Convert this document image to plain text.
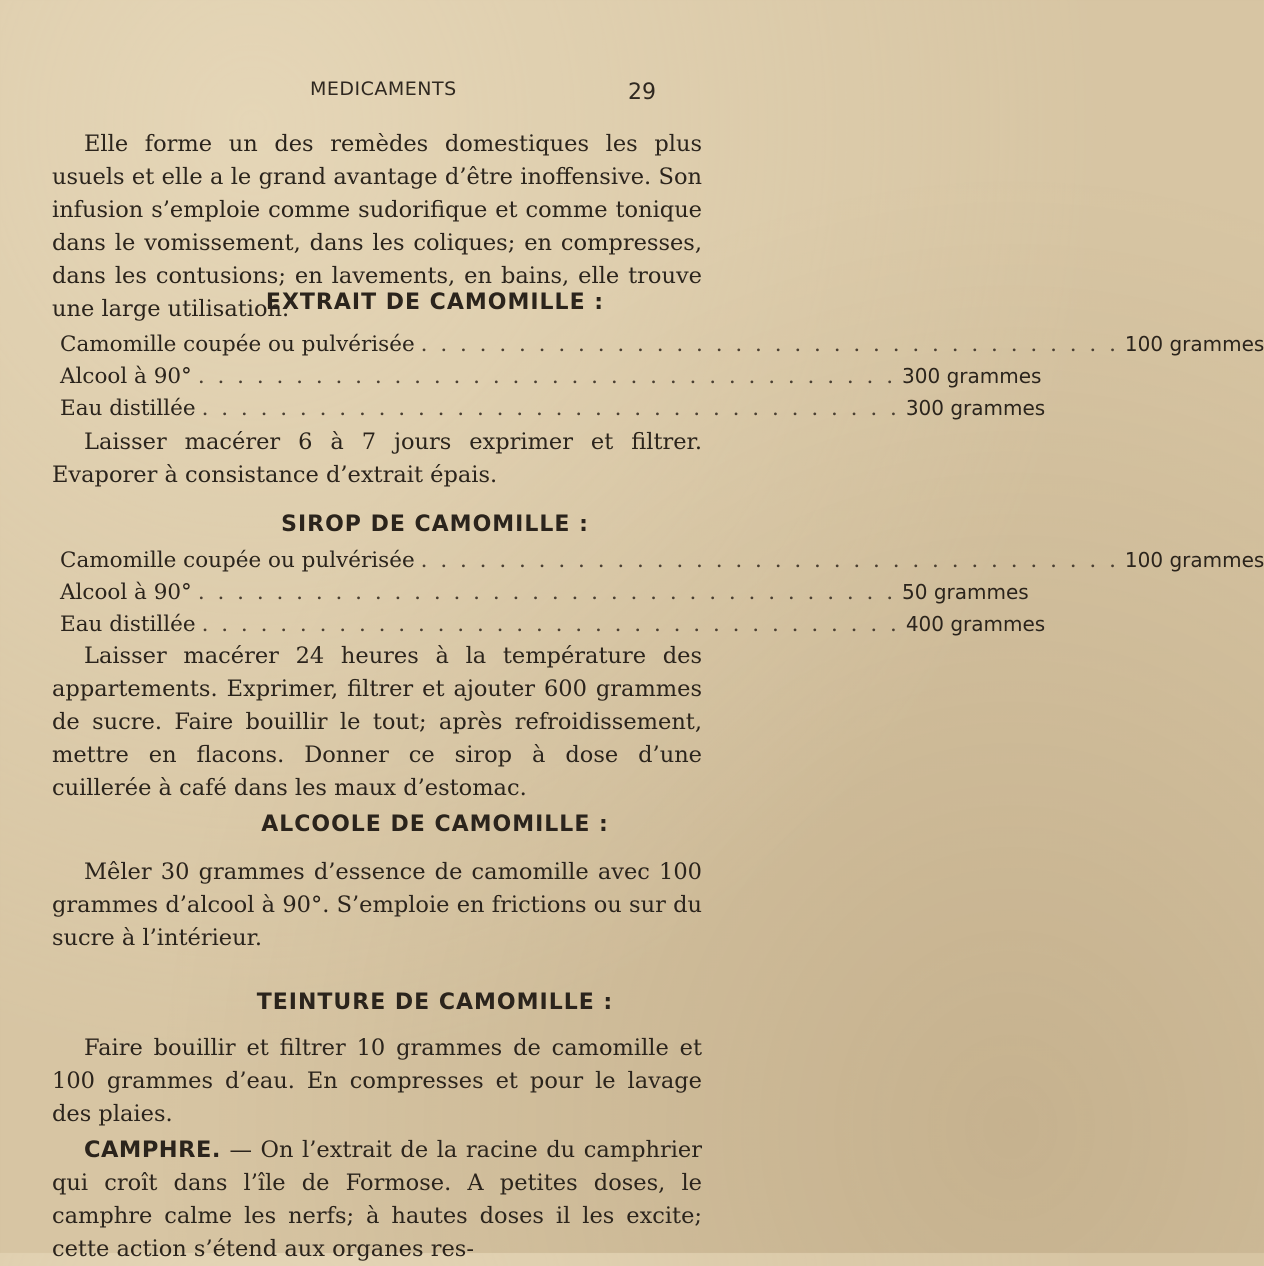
MEDICAMENTS	29

Elle forme un des remèdes domestiques les plus usuels et elle a le grand avantage d’être inoffensive. Son infusion s’emploie comme sudorifique et comme tonique dans le vomissement, dans les coliques; en compresses, dans les contusions; en lavements, en bains, elle trouve une large utilisation.

EXTRAIT DE CAMOMILLE :
Camomille coupée ou pulvérisée . . . . . . . . . . . . . . . . . . . . . . . . . . . . . . . . . . . . 100 grammes
Alcool à 90° . . . . . . . . . . . . . . . . . . . . . . . . . . . . . . . . . . . . 300 grammes
Eau distillée . . . . . . . . . . . . . . . . . . . . . . . . . . . . . . . . . . . . 300 grammes

Laisser macérer 6 à 7 jours exprimer et filtrer. Evaporer à consistance d’extrait épais.

SIROP DE CAMOMILLE :
Camomille coupée ou pulvérisée . . . . . . . . . . . . . . . . . . . . . . . . . . . . . . . . . . . . 100 grammes
Alcool à 90° . . . . . . . . . . . . . . . . . . . . . . . . . . . . . . . . . . . . 50 grammes
Eau distillée . . . . . . . . . . . . . . . . . . . . . . . . . . . . . . . . . . . . 400 grammes

Laisser macérer 24 heures à la température des appartements. Exprimer, filtrer et ajouter 600 grammes de sucre. Faire bouillir le tout; après refroidissement, mettre en flacons. Donner ce sirop à dose d’une cuillerée à café dans les maux d’estomac.

ALCOOLE DE CAMOMILLE :

Mêler 30 grammes d’essence de camomille avec 100 grammes d’alcool à 90°. S’emploie en frictions ou sur du sucre à l’intérieur.

TEINTURE DE CAMOMILLE :

Faire bouillir et filtrer 10 grammes de camomille et 100 grammes d’eau. En compresses et pour le lavage des plaies.

CAMPHRE. — On l’extrait de la racine du camphrier qui croît dans l’île de Formose. A petites doses, le camphre calme les nerfs; à hautes doses il les excite; cette action s’étend aux organes res-
